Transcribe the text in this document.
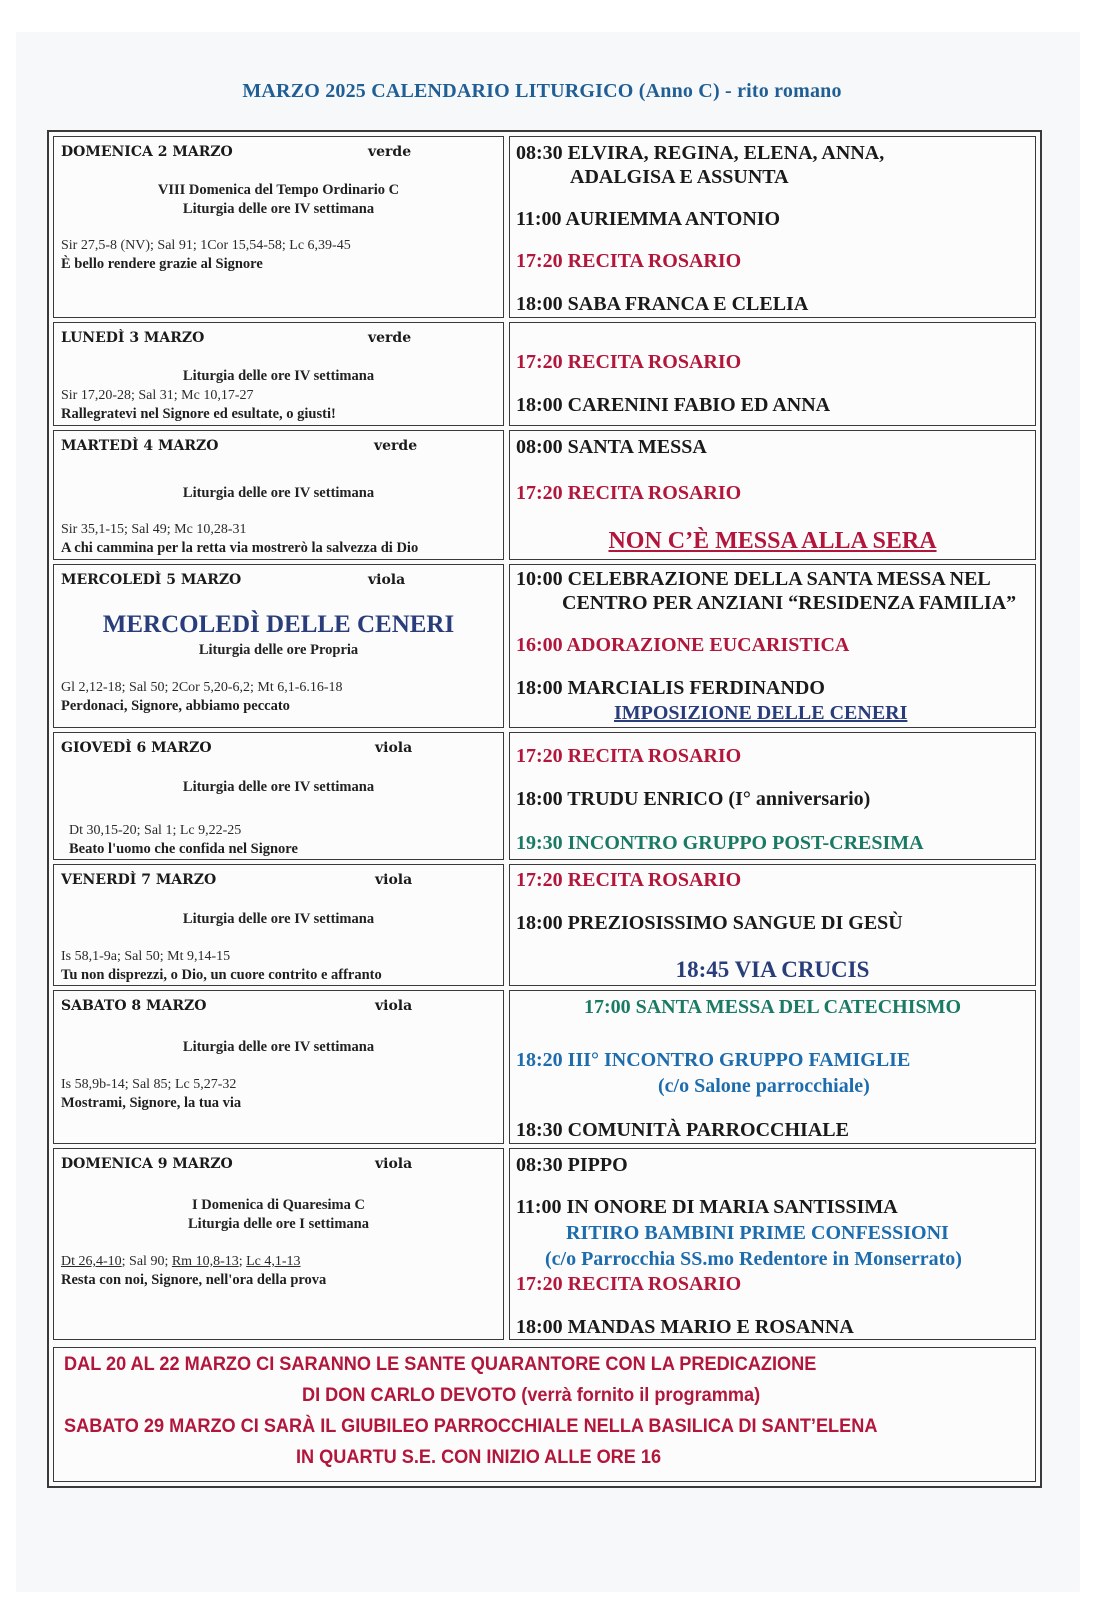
MARZO 2025 CALENDARIO LITURGICO (Anno C) - rito romano
DOMENICA 2 MARZO	verde
VIII Domenica del Tempo Ordinario C
Liturgia delle ore IV settimana
Sir 27,5-8 (NV); Sal 91; 1Cor 15,54-58; Lc 6,39-45
È bello rendere grazie al Signore
08:30 ELVIRA, REGINA, ELENA, ANNA,
ADALGISA E ASSUNTA
11:00 AURIEMMA ANTONIO
17:20 RECITA ROSARIO
18:00 SABA FRANCA E CLELIA
LUNEDÌ 3 MARZO	verde
Liturgia delle ore IV settimana
Sir 17,20-28; Sal 31; Mc 10,17-27
Rallegratevi nel Signore ed esultate, o giusti!
17:20 RECITA ROSARIO
18:00 CARENINI FABIO ED ANNA
MARTEDÌ 4 MARZO	verde
Liturgia delle ore IV settimana
Sir 35,1-15; Sal 49; Mc 10,28-31
A chi cammina per la retta via mostrerò la salvezza di Dio
08:00 SANTA MESSA
17:20 RECITA ROSARIO
NON C’È MESSA ALLA SERA
MERCOLEDÌ 5 MARZO	viola
MERCOLEDÌ DELLE CENERI
Liturgia delle ore Propria
Gl 2,12-18; Sal 50; 2Cor 5,20-6,2; Mt 6,1-6.16-18
Perdonaci, Signore, abbiamo peccato
10:00 CELEBRAZIONE DELLA SANTA MESSA NEL
CENTRO PER ANZIANI “RESIDENZA FAMILIA”
16:00 ADORAZIONE EUCARISTICA
18:00 MARCIALIS FERDINANDO
IMPOSIZIONE DELLE CENERI
GIOVEDÌ 6 MARZO	viola
Liturgia delle ore IV settimana
Dt 30,15-20; Sal 1; Lc 9,22-25
Beato l'uomo che confida nel Signore
17:20 RECITA ROSARIO
18:00 TRUDU ENRICO (I° anniversario)
19:30 INCONTRO GRUPPO POST-CRESIMA
VENERDÌ 7 MARZO	viola
Liturgia delle ore IV settimana
Is 58,1-9a; Sal 50; Mt 9,14-15
Tu non disprezzi, o Dio, un cuore contrito e affranto
17:20 RECITA ROSARIO
18:00 PREZIOSISSIMO SANGUE DI GESÙ
18:45 VIA CRUCIS
SABATO 8 MARZO	viola
Liturgia delle ore IV settimana
Is 58,9b-14; Sal 85; Lc 5,27-32
Mostrami, Signore, la tua via
17:00 SANTA MESSA DEL CATECHISMO
18:20 III° INCONTRO GRUPPO FAMIGLIE
(c/o Salone parrocchiale)
18:30 COMUNITÀ PARROCCHIALE
DOMENICA 9 MARZO	viola
I Domenica di Quaresima C
Liturgia delle ore I settimana
Dt 26,4-10; Sal 90; Rm 10,8-13; Lc 4,1-13
Resta con noi, Signore, nell'ora della prova
08:30 PIPPO
11:00 IN ONORE DI MARIA SANTISSIMA
RITIRO BAMBINI PRIME CONFESSIONI
(c/o Parrocchia SS.mo Redentore in Monserrato)
17:20 RECITA ROSARIO
18:00 MANDAS MARIO E ROSANNA
DAL 20 AL 22 MARZO CI SARANNO LE SANTE QUARANTORE CON LA PREDICAZIONE
DI DON CARLO DEVOTO (verrà fornito il programma)
SABATO 29 MARZO CI SARÀ IL GIUBILEO PARROCCHIALE NELLA BASILICA DI SANT’ELENA
IN QUARTU S.E. CON INIZIO ALLE ORE 16
